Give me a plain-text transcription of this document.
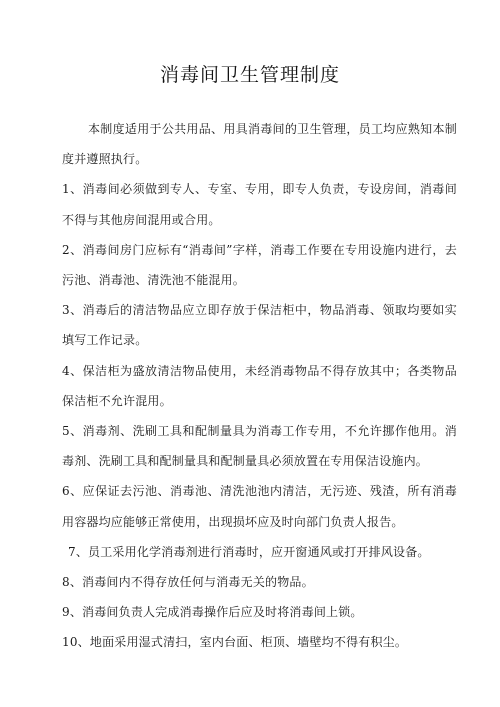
消毒间卫生管理制度

本制度适用于公共用品、用具消毒间的卫生管理，员工均应熟知本制度并遵照执行。

1、消毒间必须做到专人、专室、专用，即专人负责，专设房间，消毒间不得与其他房间混用或合用。

2、消毒间房门应标有“消毒间”字样，消毒工作要在专用设施内进行，去污池、消毒池、清洗池不能混用。

3、消毒后的清洁物品应立即存放于保洁柜中，物品消毒、领取均要如实填写工作记录。

4、保洁柜为盛放清洁物品使用，未经消毒物品不得存放其中；各类物品保洁柜不允许混用。

5、消毒剂、洗刷工具和配制量具为消毒工作专用，不允许挪作他用。消毒剂、洗刷工具和配制量具和配制量具必须放置在专用保洁设施内。

6、应保证去污池、消毒池、清洗池池内清洁，无污迹、残渣，所有消毒用容器均应能够正常使用，出现损坏应及时向部门负责人报告。

7、员工采用化学消毒剂进行消毒时，应开窗通风或打开排风设备。

8、消毒间内不得存放任何与消毒无关的物品。

9、消毒间负责人完成消毒操作后应及时将消毒间上锁。

10、地面采用湿式清扫，室内台面、柜顶、墙壁均不得有积尘。
